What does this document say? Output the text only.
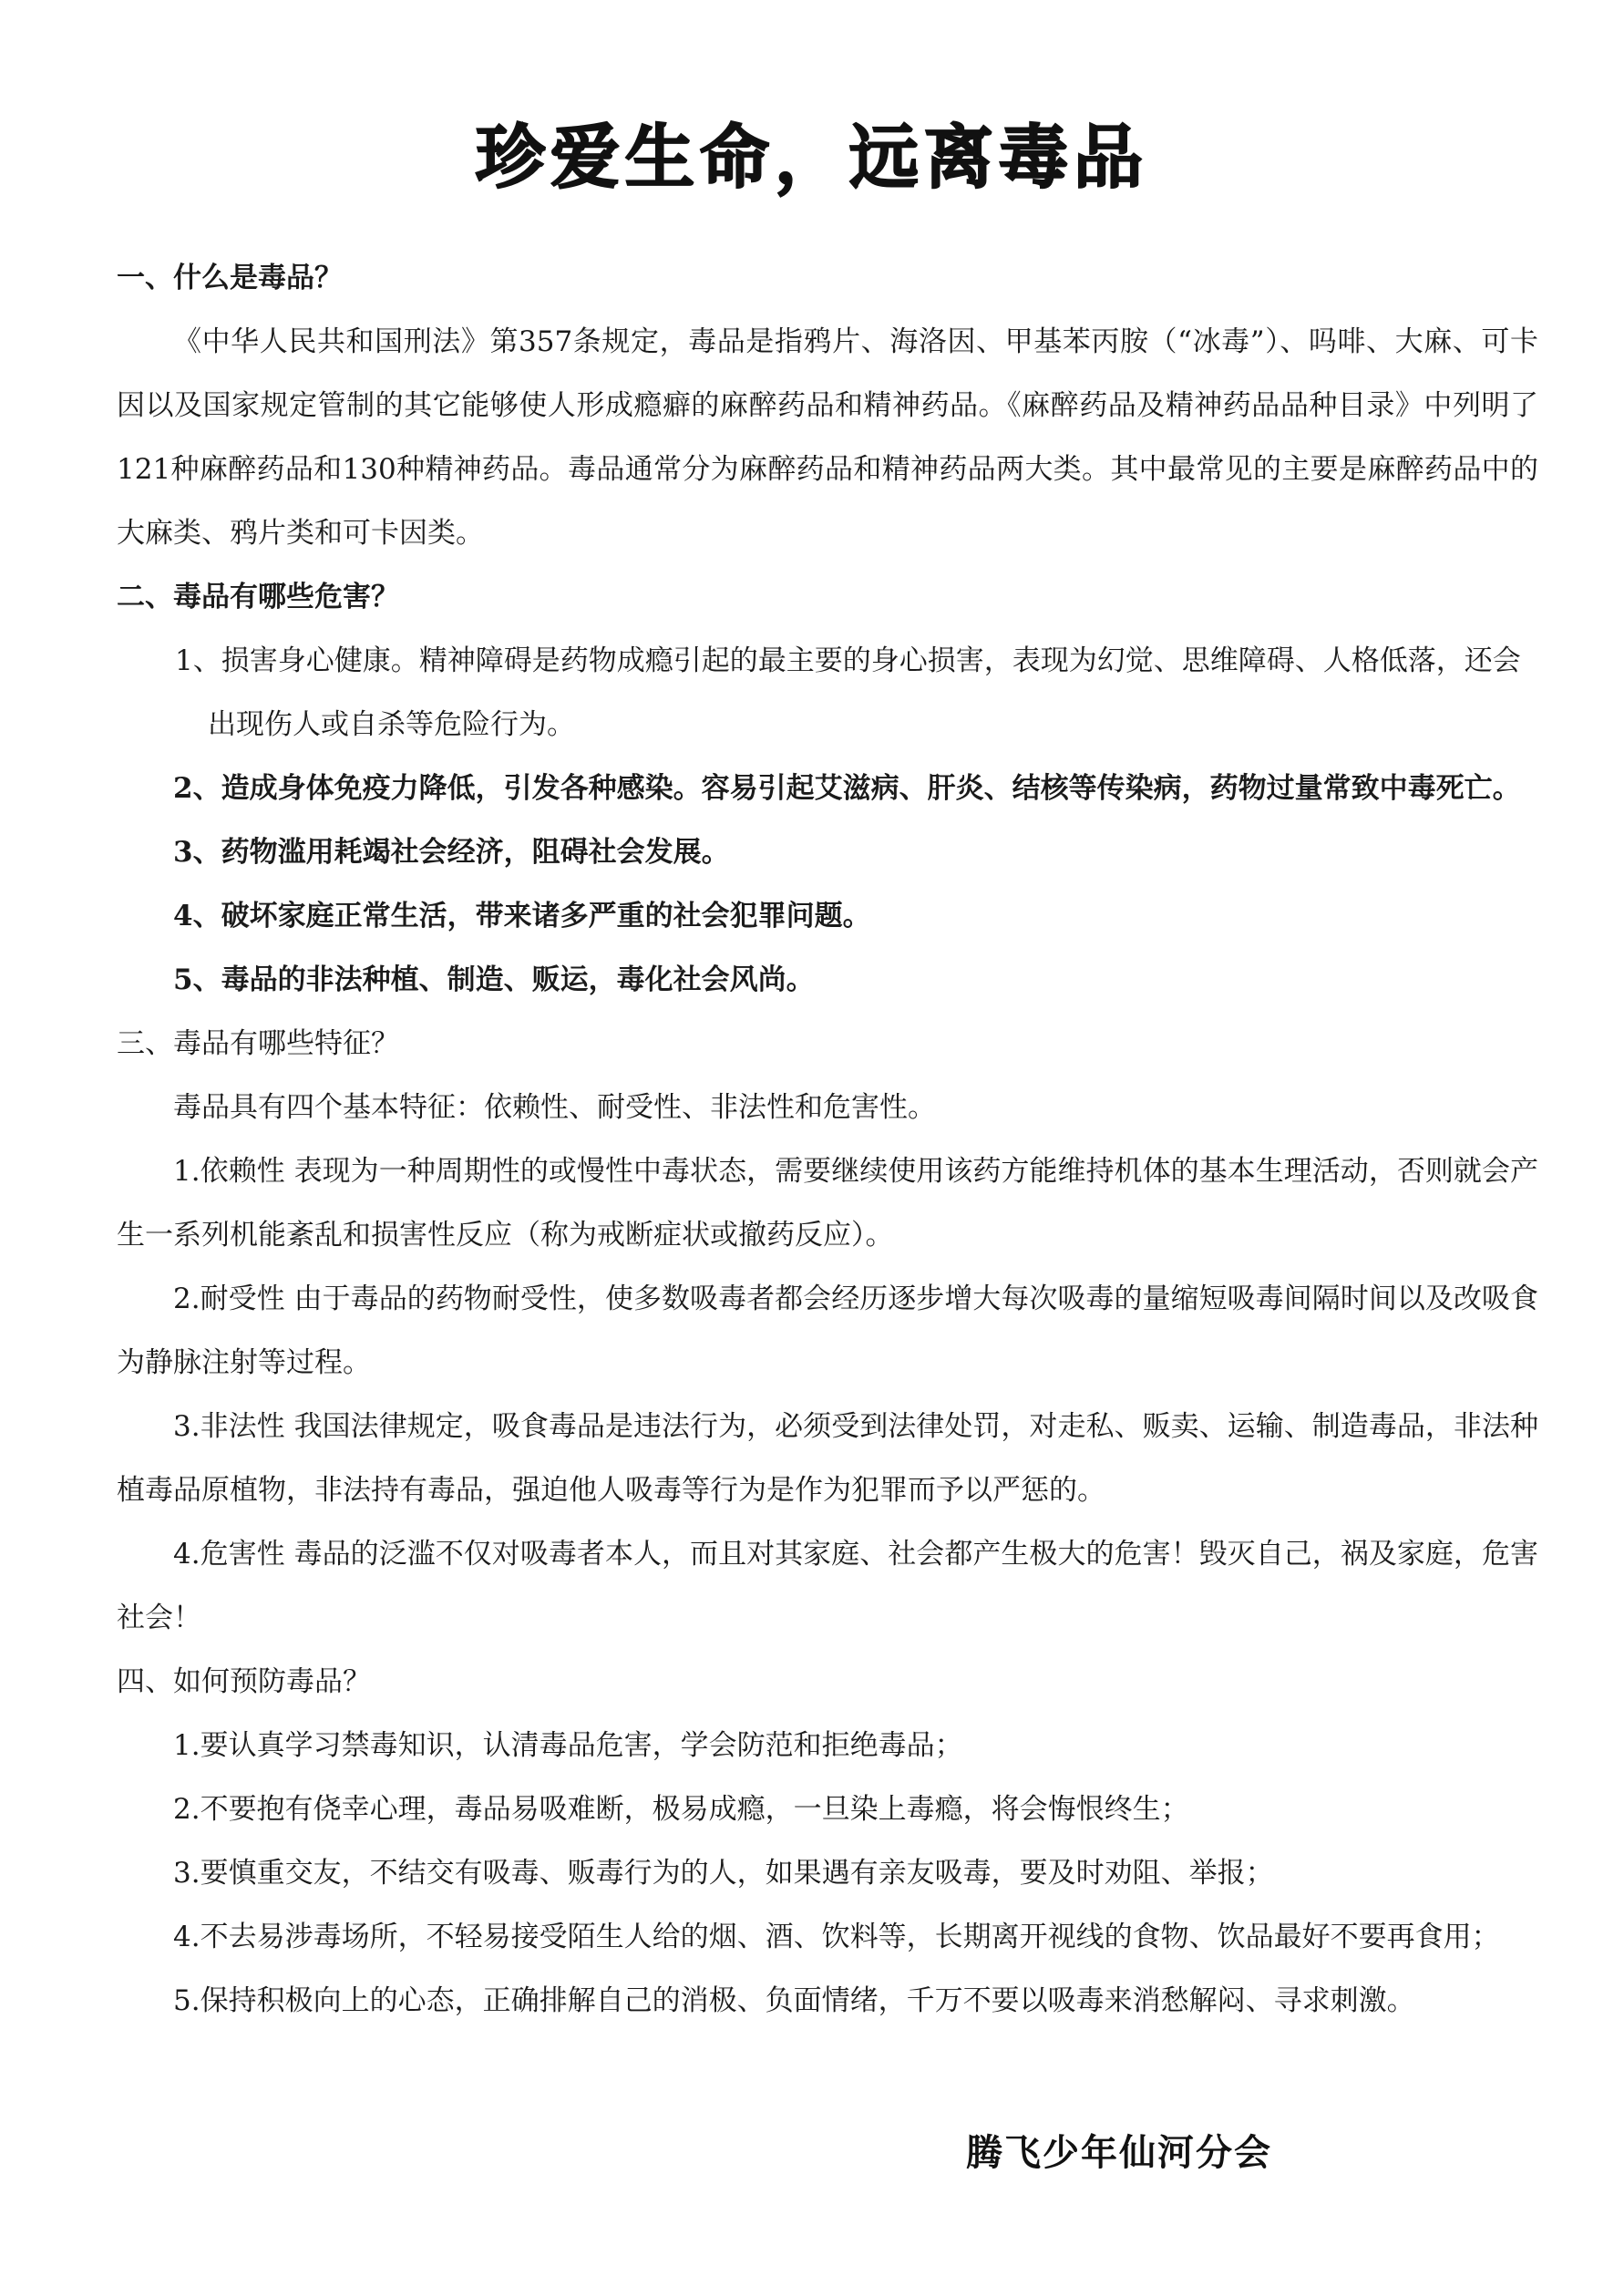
珍爱生命，远离毒品

一、什么是毒品？

《中华人民共和国刑法》第357条规定，毒品是指鸦片、海洛因、甲基苯丙胺（“冰毒”）、吗啡、大麻、可卡因以及国家规定管制的其它能够使人形成瘾癖的麻醉药品和精神药品。《麻醉药品及精神药品品种目录》中列明了121种麻醉药品和130种精神药品。毒品通常分为麻醉药品和精神药品两大类。其中最常见的主要是麻醉药品中的大麻类、鸦片类和可卡因类。

二、毒品有哪些危害？

1、损害身心健康。精神障碍是药物成瘾引起的最主要的身心损害，表现为幻觉、思维障碍、人格低落，还会出现伤人或自杀等危险行为。

2、造成身体免疫力降低，引发各种感染。容易引起艾滋病、肝炎、结核等传染病，药物过量常致中毒死亡。

3、药物滥用耗竭社会经济，阻碍社会发展。

4、破坏家庭正常生活，带来诸多严重的社会犯罪问题。

5、毒品的非法种植、制造、贩运，毒化社会风尚。

三、毒品有哪些特征？

毒品具有四个基本特征：依赖性、耐受性、非法性和危害性。

1.依赖性 表现为一种周期性的或慢性中毒状态，需要继续使用该药方能维持机体的基本生理活动，否则就会产生一系列机能紊乱和损害性反应（称为戒断症状或撤药反应）。

2.耐受性 由于毒品的药物耐受性，使多数吸毒者都会经历逐步增大每次吸毒的量缩短吸毒间隔时间以及改吸食为静脉注射等过程。

3.非法性 我国法律规定，吸食毒品是违法行为，必须受到法律处罚，对走私、贩卖、运输、制造毒品，非法种植毒品原植物，非法持有毒品，强迫他人吸毒等行为是作为犯罪而予以严惩的。

4.危害性 毒品的泛滥不仅对吸毒者本人，而且对其家庭、社会都产生极大的危害！毁灭自己，祸及家庭，危害社会！

四、如何预防毒品？

1.要认真学习禁毒知识，认清毒品危害，学会防范和拒绝毒品；

2.不要抱有侥幸心理，毒品易吸难断，极易成瘾，一旦染上毒瘾，将会悔恨终生；

3.要慎重交友，不结交有吸毒、贩毒行为的人，如果遇有亲友吸毒，要及时劝阻、举报；

4.不去易涉毒场所，不轻易接受陌生人给的烟、酒、饮料等，长期离开视线的食物、饮品最好不要再食用；

5.保持积极向上的心态，正确排解自己的消极、负面情绪，千万不要以吸毒来消愁解闷、寻求刺激。

腾飞少年仙河分会
